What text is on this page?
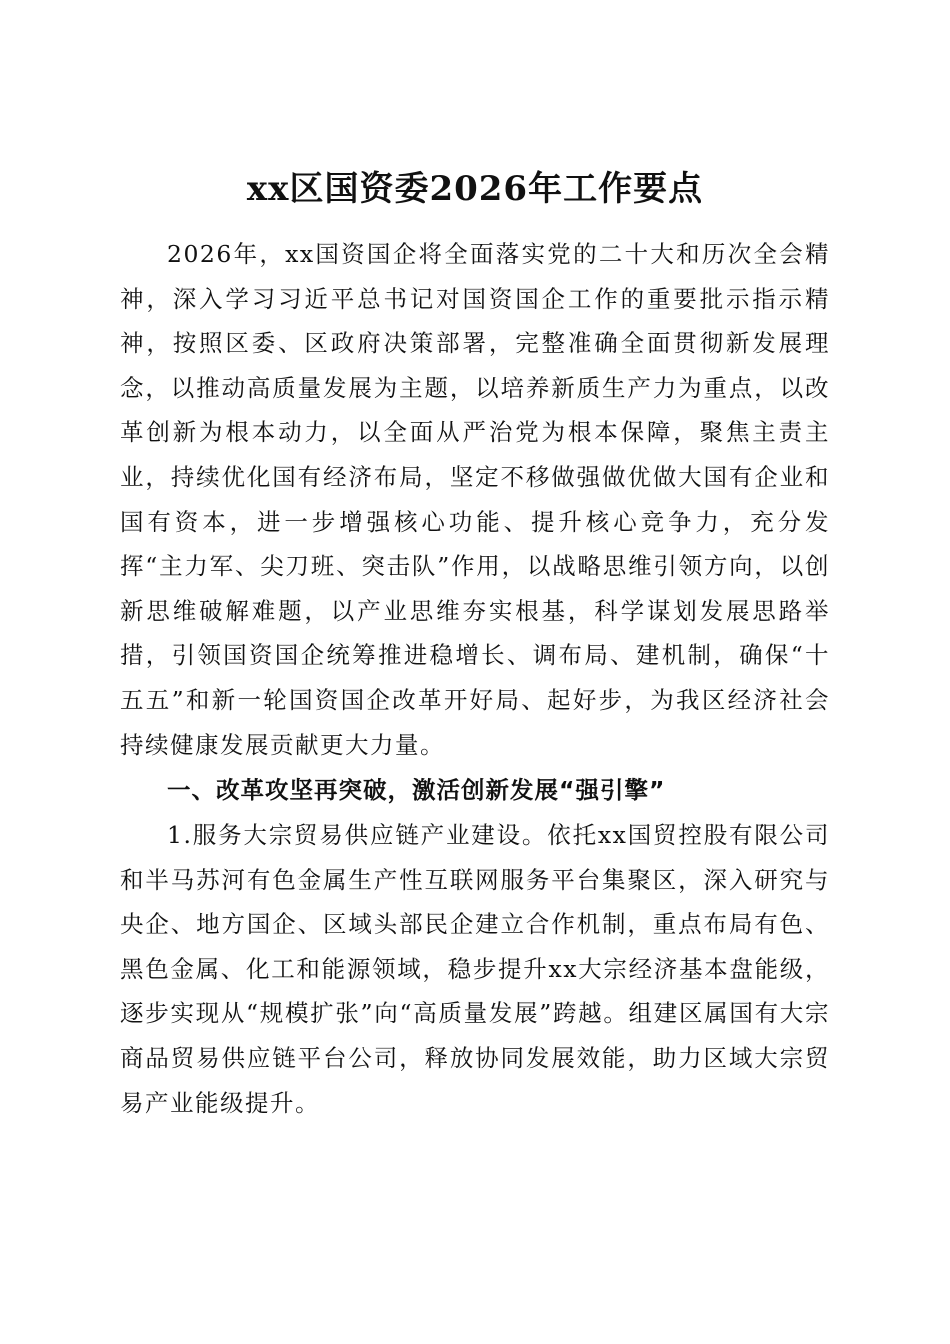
xx区国资委2026年工作要点

2026年，xx国资国企将全面落实党的二十大和历次全会精神，深入学习习近平总书记对国资国企工作的重要批示指示精神，按照区委、区政府决策部署，完整准确全面贯彻新发展理念，以推动高质量发展为主题，以培养新质生产力为重点，以改革创新为根本动力，以全面从严治党为根本保障，聚焦主责主业，持续优化国有经济布局，坚定不移做强做优做大国有企业和国有资本，进一步增强核心功能、提升核心竞争力，充分发挥“主力军、尖刀班、突击队”作用，以战略思维引领方向，以创新思维破解难题，以产业思维夯实根基，科学谋划发展思路举措，引领国资国企统筹推进稳增长、调布局、建机制，确保“十五五”和新一轮国资国企改革开好局、起好步，为我区经济社会持续健康发展贡献更大力量。

一、改革攻坚再突破，激活创新发展“强引擎”

1.服务大宗贸易供应链产业建设。依托xx国贸控股有限公司和半马苏河有色金属生产性互联网服务平台集聚区，深入研究与央企、地方国企、区域头部民企建立合作机制，重点布局有色、黑色金属、化工和能源领域，稳步提升xx大宗经济基本盘能级，逐步实现从“规模扩张”向“高质量发展”跨越。组建区属国有大宗商品贸易供应链平台公司，释放协同发展效能，助力区域大宗贸易产业能级提升。
